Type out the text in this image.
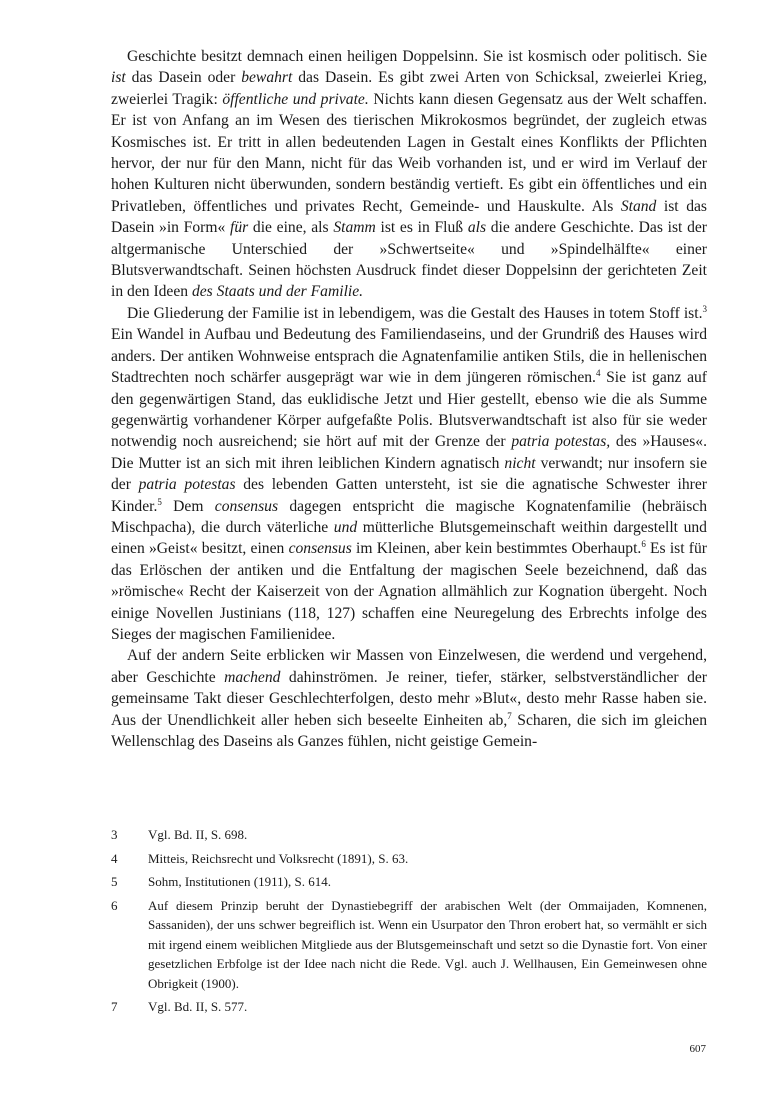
Geschichte besitzt demnach einen heiligen Doppelsinn. Sie ist kosmisch oder politisch. Sie ist das Dasein oder bewahrt das Dasein. Es gibt zwei Arten von Schicksal, zweierlei Krieg, zweierlei Tragik: öffentliche und private. Nichts kann diesen Gegensatz aus der Welt schaffen. Er ist von Anfang an im Wesen des tierischen Mikrokosmos begründet, der zugleich etwas Kosmisches ist. Er tritt in allen bedeutenden Lagen in Gestalt eines Konflikts der Pflichten hervor, der nur für den Mann, nicht für das Weib vorhanden ist, und er wird im Verlauf der hohen Kulturen nicht überwunden, sondern beständig vertieft. Es gibt ein öffentliches und ein Privatleben, öffentliches und privates Recht, Gemeinde- und Hauskulte. Als Stand ist das Dasein »in Form« für die eine, als Stamm ist es in Fluß als die andere Geschichte. Das ist der altgermanische Unterschied der »Schwertseite« und »Spindelhälfte« einer Blutsverwandtschaft. Seinen höchsten Ausdruck findet dieser Doppelsinn der gerichteten Zeit in den Ideen des Staats und der Familie.

Die Gliederung der Familie ist in lebendigem, was die Gestalt des Hauses in totem Stoff ist.$^3$ Ein Wandel in Aufbau und Bedeutung des Familiendaseins, und der Grundriß des Hauses wird anders. Der antiken Wohnweise entsprach die Agnatenfamilie antiken Stils, die in hellenischen Stadtrechten noch schärfer ausgeprägt war wie in dem jüngeren römischen.$^4$ Sie ist ganz auf den gegenwärtigen Stand, das euklidische Jetzt und Hier gestellt, ebenso wie die als Summe gegenwärtig vorhandener Körper aufgefaßte Polis. Blutsverwandtschaft ist also für sie weder notwendig noch ausreichend; sie hört auf mit der Grenze der patria potestas, des »Hauses«. Die Mutter ist an sich mit ihren leiblichen Kindern agnatisch nicht verwandt; nur insofern sie der patria potestas des lebenden Gatten untersteht, ist sie die agnatische Schwester ihrer Kinder.$^5$ Dem consensus dagegen entspricht die magische Kognatenfamilie (hebräisch Mischpacha), die durch väterliche und mütterliche Blutsgemeinschaft weithin dargestellt und einen »Geist« besitzt, einen consensus im Kleinen, aber kein bestimmtes Oberhaupt.$^6$ Es ist für das Erlöschen der antiken und die Entfaltung der magischen Seele bezeichnend, daß das »römische« Recht der Kaiserzeit von der Agnation allmählich zur Kognation übergeht. Noch einige Novellen Justinians (118, 127) schaffen eine Neuregelung des Erbrechts infolge des Sieges der magischen Familienidee.

Auf der andern Seite erblicken wir Massen von Einzelwesen, die werdend und vergehend, aber Geschichte machend dahinströmen. Je reiner, tiefer, stärker, selbstverständlicher der gemeinsame Takt dieser Geschlechterfolgen, desto mehr »Blut«, desto mehr Rasse haben sie. Aus der Unendlichkeit aller heben sich beseelte Einheiten ab,$^7$ Scharen, die sich im gleichen Wellenschlag des Daseins als Ganzes fühlen, nicht geistige Gemein-

3	Vgl. Bd. II, S. 698.
4	Mitteis, Reichsrecht und Volksrecht (1891), S. 63.
5	Sohm, Institutionen (1911), S. 614.
6	Auf diesem Prinzip beruht der Dynastiebegriff der arabischen Welt (der Ommaijaden, Komnenen, Sassaniden), der uns schwer begreiflich ist. Wenn ein Usurpator den Thron erobert hat, so vermählt er sich mit irgend einem weiblichen Mitgliede aus der Blutsgemeinschaft und setzt so die Dynastie fort. Von einer gesetzlichen Erbfolge ist der Idee nach nicht die Rede. Vgl. auch J. Wellhausen, Ein Gemeinwesen ohne Obrigkeit (1900).
7	Vgl. Bd. II, S. 577.
607
